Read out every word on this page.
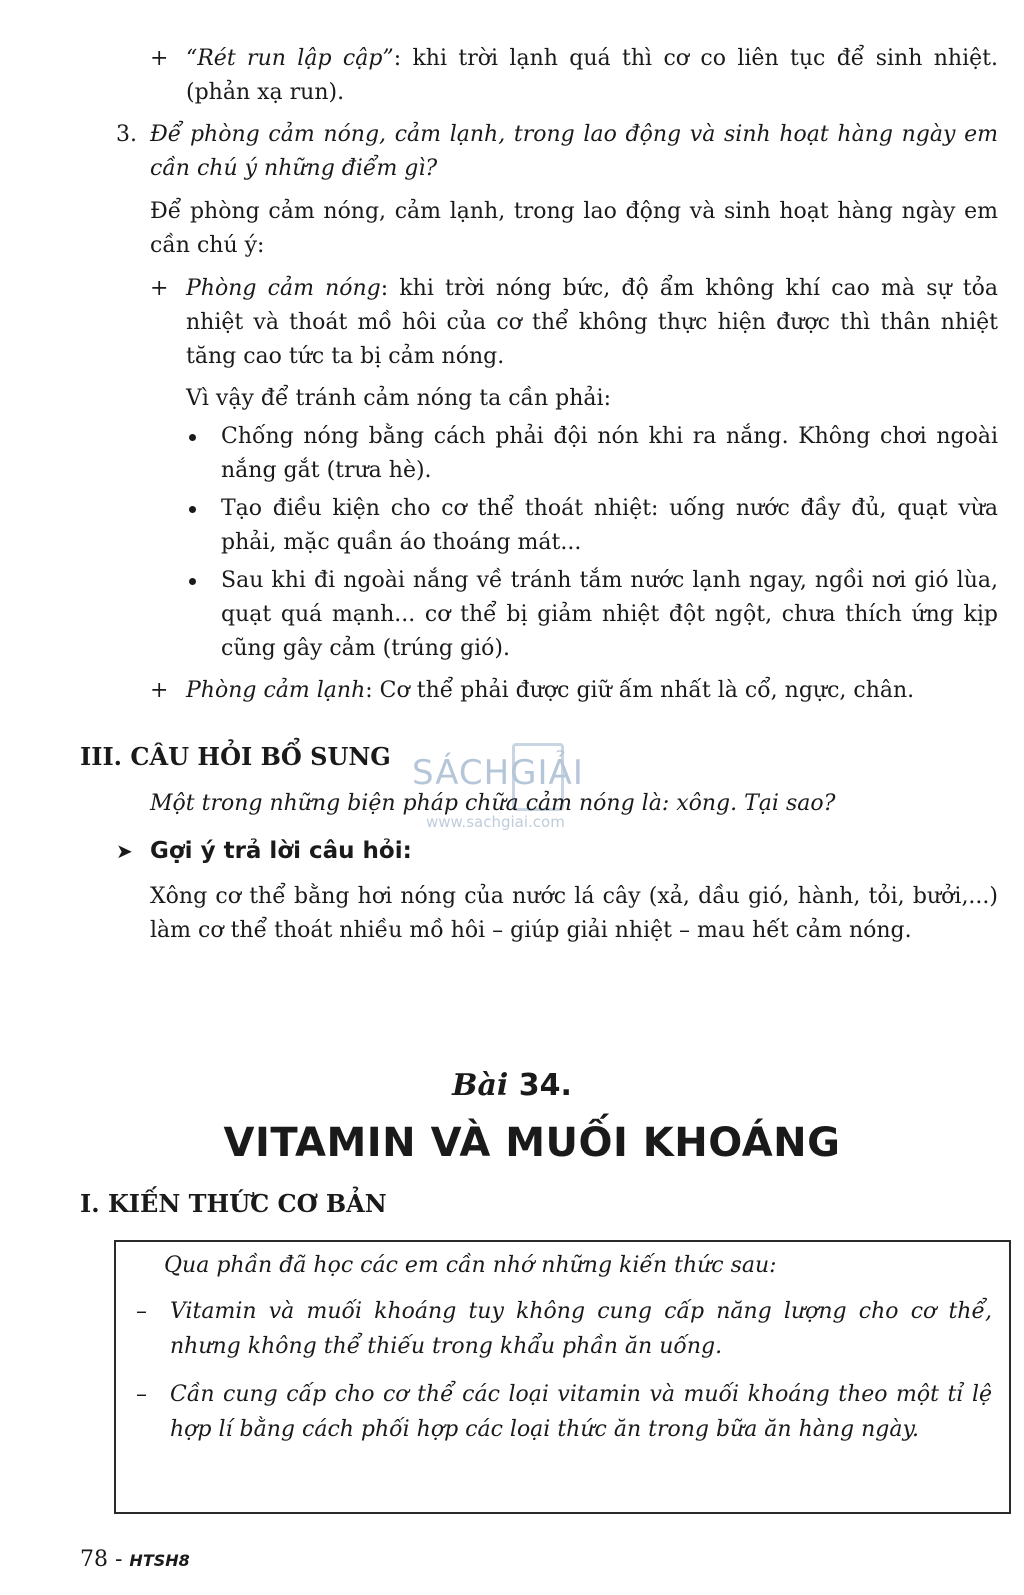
+ “Rét run lập cập”: khi trời lạnh quá thì cơ co liên tục để sinh nhiệt. (phản xạ run).

3. Để phòng cảm nóng, cảm lạnh, trong lao động và sinh hoạt hàng ngày em cần chú ý những điểm gì?

Để phòng cảm nóng, cảm lạnh, trong lao động và sinh hoạt hàng ngày em cần chú ý:

+ Phòng cảm nóng: khi trời nóng bức, độ ẩm không khí cao mà sự tỏa nhiệt và thoát mồ hôi của cơ thể không thực hiện được thì thân nhiệt tăng cao tức ta bị cảm nóng.

Vì vậy để tránh cảm nóng ta cần phải:

Chống nóng bằng cách phải đội nón khi ra nắng. Không chơi ngoài nắng gắt (trưa hè).

Tạo điều kiện cho cơ thể thoát nhiệt: uống nước đầy đủ, quạt vừa phải, mặc quần áo thoáng mát...

Sau khi đi ngoài nắng về tránh tắm nước lạnh ngay, ngồi nơi gió lùa, quạt quá mạnh... cơ thể bị giảm nhiệt đột ngột, chưa thích ứng kịp cũng gây cảm (trúng gió).

+ Phòng cảm lạnh: Cơ thể phải được giữ ấm nhất là cổ, ngực, chân.

III. CÂU HỎI BỔ SUNG SÁCHGIẢI
www.sachgiai.com

Một trong những biện pháp chữa cảm nóng là: xông. Tại sao?

➤ Gợi ý trả lời câu hỏi:

Xông cơ thể bằng hơi nóng của nước lá cây (xả, dầu gió, hành, tỏi, bưởi,...) làm cơ thể thoát nhiều mồ hôi – giúp giải nhiệt – mau hết cảm nóng.

Bài 34.
VITAMIN VÀ MUỐI KHOÁNG
I. KIẾN THỨC CƠ BẢN

Qua phần đã học các em cần nhớ những kiến thức sau:

– Vitamin và muối khoáng tuy không cung cấp năng lượng cho cơ thể, nhưng không thể thiếu trong khẩu phần ăn uống.

– Cần cung cấp cho cơ thể các loại vitamin và muối khoáng theo một tỉ lệ hợp lí bằng cách phối hợp các loại thức ăn trong bữa ăn hàng ngày.

78 - HTSH8
